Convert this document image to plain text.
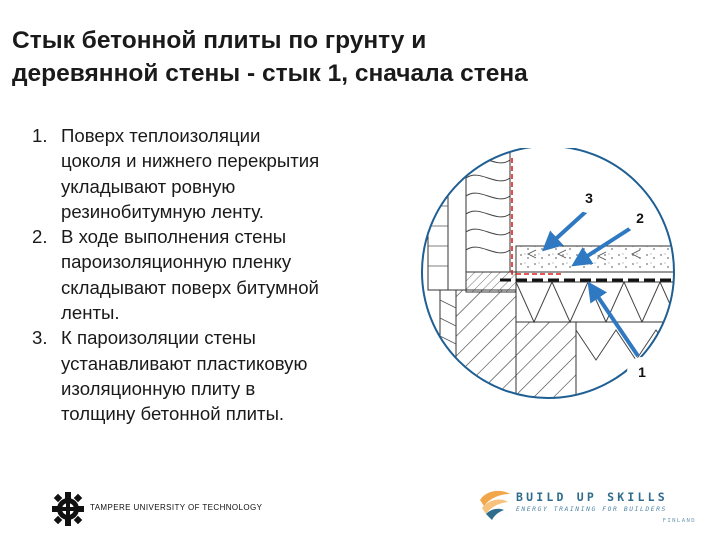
Стык бетонной плиты по грунту и
деревянной стены - стык 1, сначала стена
1. Поверх теплоизоляции
цоколя и нижнего перекрытия
укладывают ровную
резинобитумную ленту.
2. В ходе выполнения стены
пароизоляционную пленку
складывают поверх битумной
ленты.
3. К пароизоляции стены
устанавливают пластиковую
изоляционную плиту в
толщину бетонной плиты.
3
2
1
TAMPERE UNIVERSITY OF TECHNOLOGY
BUILD UP SKILLS
ENERGY TRAINING FOR BUILDERS
FINLAND
